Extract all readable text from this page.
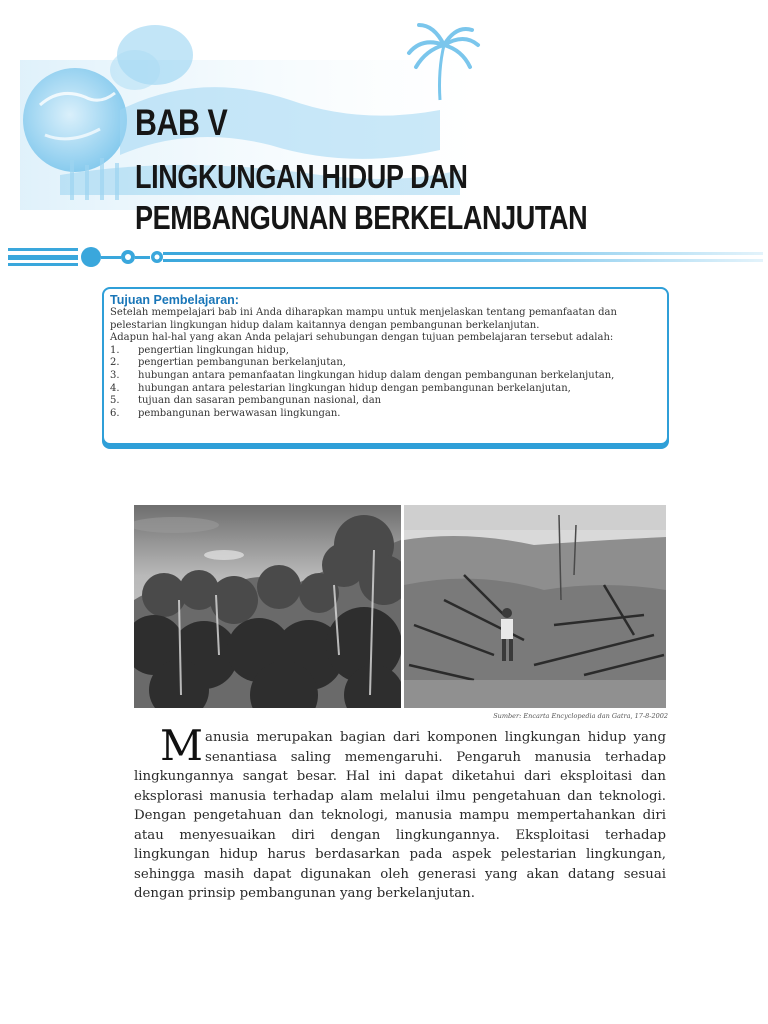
BAB V
LINGKUNGAN HIDUP DAN
PEMBANGUNAN BERKELANJUTAN
Tujuan Pembelajaran:

Setelah mempelajari bab ini Anda diharapkan mampu untuk menjelaskan tentang pemanfaatan dan

pelestarian lingkungan hidup dalam kaitannya dengan pembangunan berkelanjutan.

Adapun hal-hal yang akan Anda pelajari sehubungan dengan tujuan pembelajaran tersebut adalah:

1.	pengertian lingkungan hidup,
2.	pengertian pembangunan berkelanjutan,
3.	hubungan antara pemanfaatan lingkungan hidup dalam dengan pembangunan berkelanjutan,
4.	hubungan antara pelestarian lingkungan hidup dengan pembangunan berkelanjutan,
5.	tujuan dan sasaran pembangunan nasional, dan
6.	pembangunan berwawasan lingkungan.

Sumber: Encarta Encyclopedia dan Gatra, 17-8-2002

Manusia merupakan bagian dari komponen lingkungan hidup yang senantiasa saling memengaruhi. Pengaruh manusia terhadap lingkungannya sangat besar. Hal ini dapat diketahui dari eksploitasi dan eksplorasi manusia terhadap alam melalui ilmu pengetahuan dan teknologi. Dengan pengetahuan dan teknologi, manusia mampu mempertahankan diri atau menyesuaikan diri dengan lingkungannya. Eksploitasi terhadap lingkungan hidup harus berdasarkan pada aspek pelestarian lingkungan, sehingga masih dapat digunakan oleh generasi yang akan datang sesuai dengan prinsip pembangunan yang berkelanjutan.
